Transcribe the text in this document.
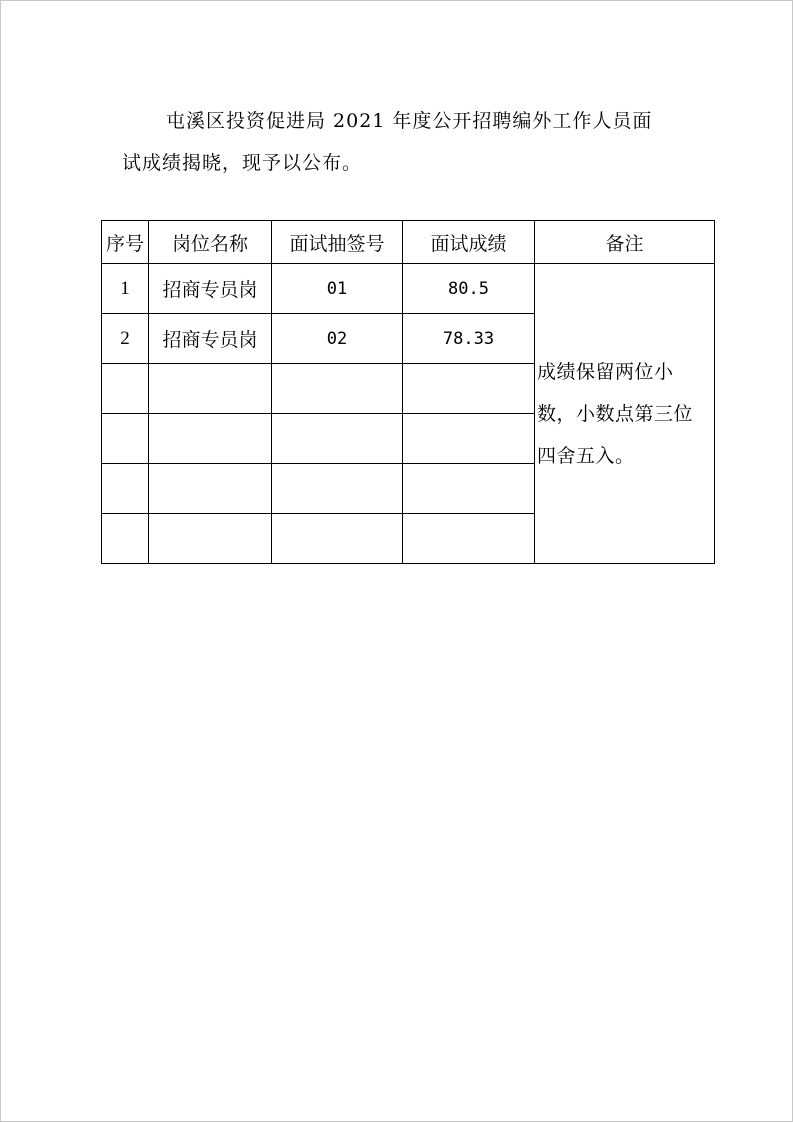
屯溪区投资促进局 2021 年度公开招聘编外工作人员面
试成绩揭晓，现予以公布。
序号	岗位名称	面试抽签号	面试成绩	备注
1	招商专员岗	01	80.5	成绩保留两位小数，小数点第三位四舍五入。
2	招商专员岗	02	78.33	
